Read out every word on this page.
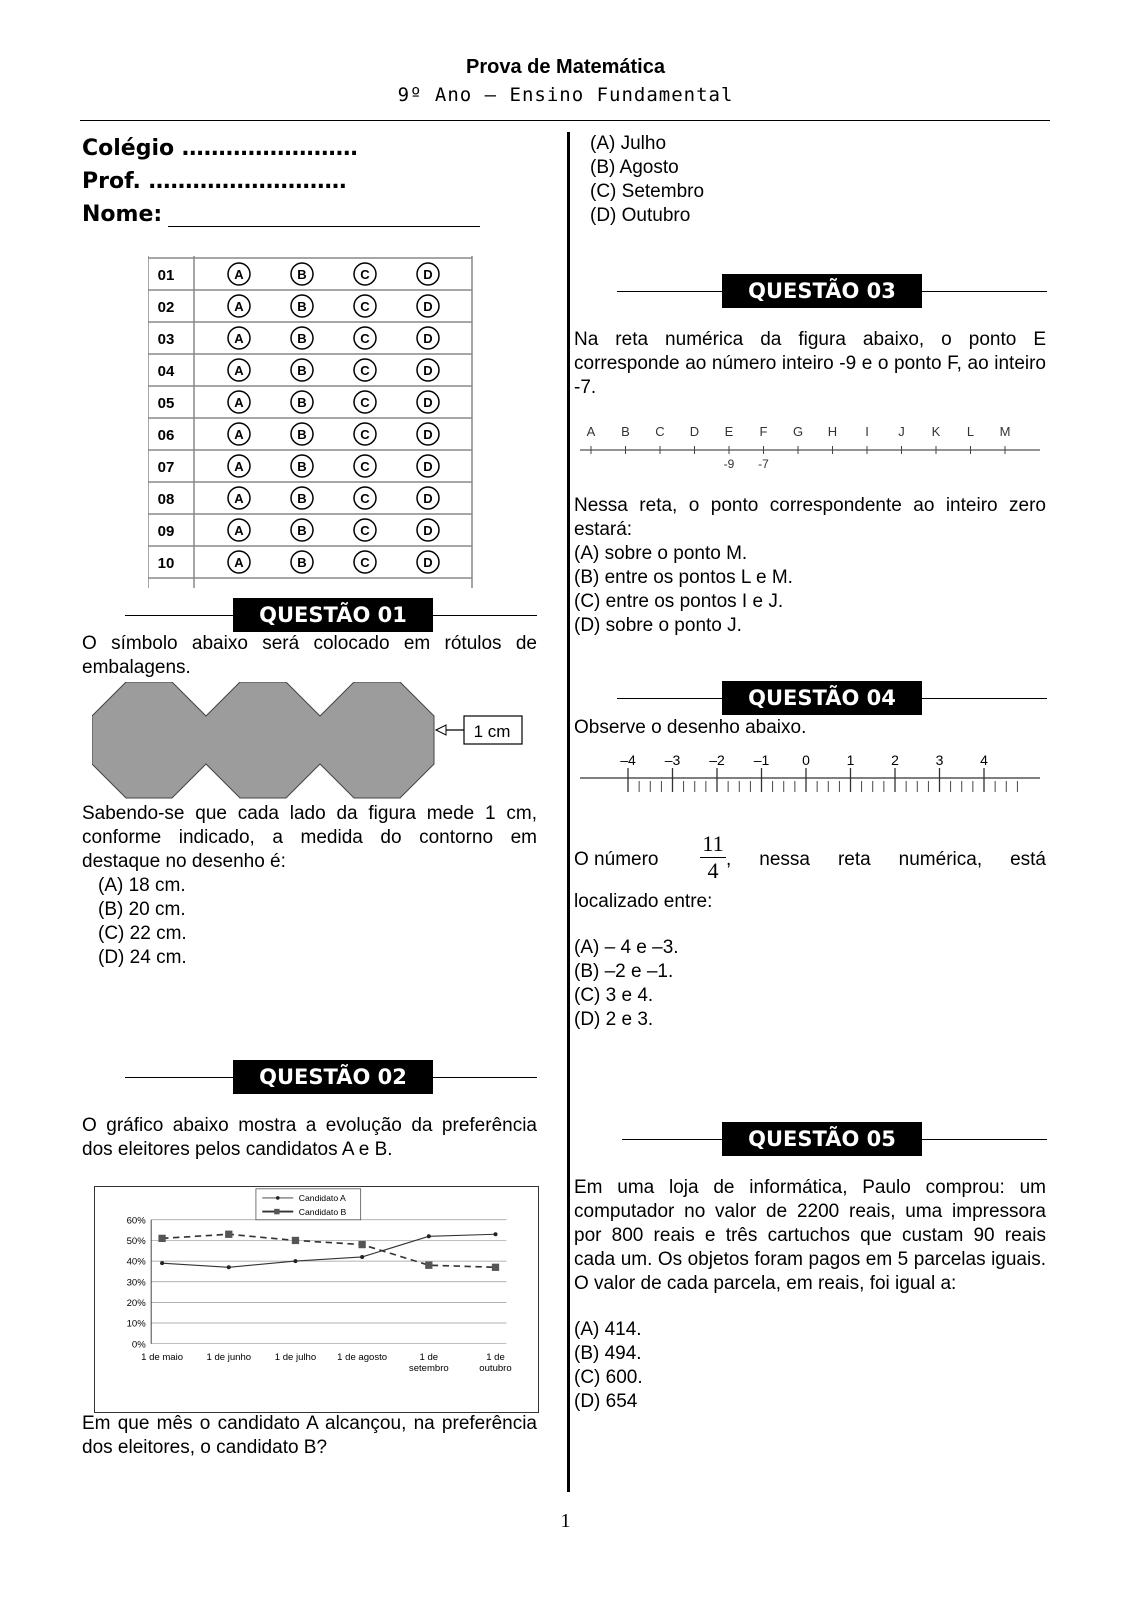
Prova de Matemática
9º Ano – Ensino Fundamental
Colégio ……………………
Prof. ………………………
Nome:
01	A	B	C	D
02	A	B	C	D
03	A	B	C	D
04	A	B	C	D
05	A	B	C	D
06	A	B	C	D
07	A	B	C	D
08	A	B	C	D
09	A	B	C	D
10	A	B	C	D
QUESTÃO 01
O símbolo abaixo será colocado em rótulos de embalagens.
1 cm
Sabendo-se que cada lado da figura mede 1 cm, conforme indicado, a medida do contorno em destaque no desenho é:
(A) 18 cm.
(B) 20 cm.
(C) 22 cm.
(D) 24 cm.
QUESTÃO 02
O gráfico abaixo mostra a evolução da preferência dos eleitores pelos candidatos A e B.
60%
50%
40%
30%
20%
10%
0%
1 de maio 1 de junho 1 de julho 1 de agosto	1 de setembro
1 de outubro
Candidato A
Candidato B
Em que mês o candidato A alcançou, na preferência dos eleitores, o candidato B?
(A) Julho
(B) Agosto
(C) Setembro
(D) Outubro
QUESTÃO 03
Na reta numérica da figura abaixo, o ponto E corresponde ao número inteiro -9 e o ponto F, ao inteiro -7.
A B C D E F G H I J K L M
-9 -7
Nessa reta, o ponto correspondente ao inteiro zero estará:
(A) sobre o ponto M.
(B) entre os pontos L e M.
(C) entre os pontos I e J.
(D) sobre o ponto J.
QUESTÃO 04
Observe o desenho abaixo.
–4 –3 –2 –1 0	1	2	3	4
O número
11
4 , nessa reta numérica, está
localizado entre:
(A) – 4 e –3.
(B) –2 e –1.
(C) 3 e 4.
(D) 2 e 3.
QUESTÃO 05
Em uma loja de informática, Paulo comprou: um computador no valor de 2200 reais, uma impressora por 800 reais e três cartuchos que custam 90 reais cada um. Os objetos foram pagos em 5 parcelas iguais. O valor de cada parcela, em reais, foi igual a:
(A) 414.
(B) 494.
(C) 600.
(D) 654
1
